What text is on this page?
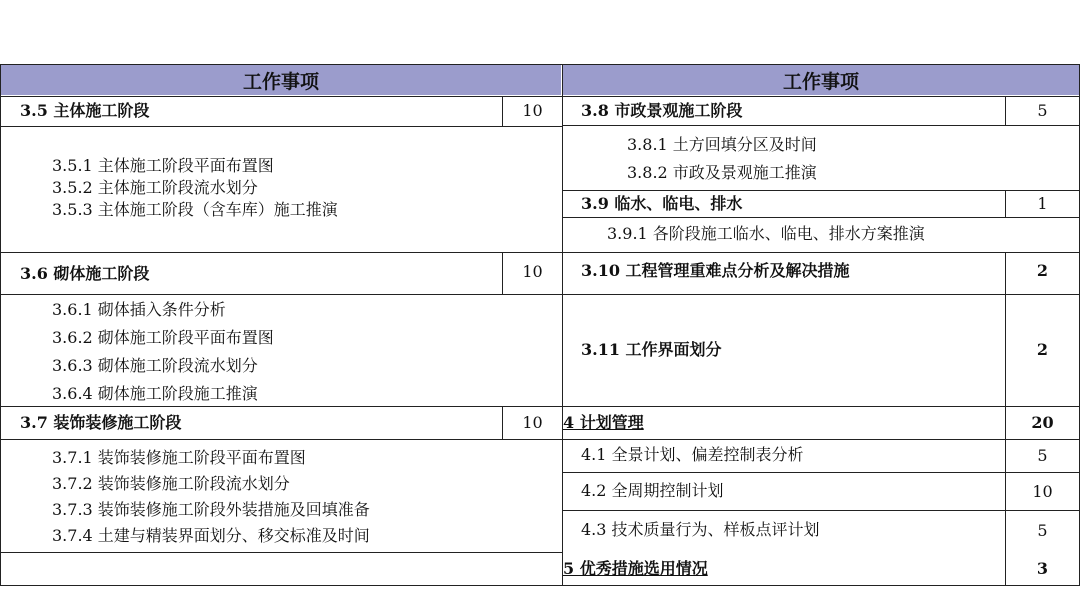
工作事项	工作事项
3.5 主体施工阶段	10
3.5.1 主体施工阶段平面布置图
3.5.2 主体施工阶段流水划分
3.5.3 主体施工阶段（含车库）施工推演
3.6 砌体施工阶段	10
3.6.1 砌体插入条件分析
3.6.2 砌体施工阶段平面布置图
3.6.3 砌体施工阶段流水划分
3.6.4 砌体施工阶段施工推演
3.7 装饰装修施工阶段	10
3.7.1 装饰装修施工阶段平面布置图
3.7.2 装饰装修施工阶段流水划分
3.7.3 装饰装修施工阶段外装措施及回填准备
3.7.4 土建与精装界面划分、移交标准及时间
3.8 市政景观施工阶段	5
3.8.1 土方回填分区及时间
3.8.2 市政及景观施工推演
3.9 临水、临电、排水	1
3.9.1 各阶段施工临水、临电、排水方案推演
3.10 工程管理重难点分析及解决措施	2
3.11 工作界面划分	2
4 计划管理	20
4.1 全景计划、偏差控制表分析	5
4.2 全周期控制计划	10
4.3 技术质量行为、样板点评计划	5
5 优秀措施选用情况	3
